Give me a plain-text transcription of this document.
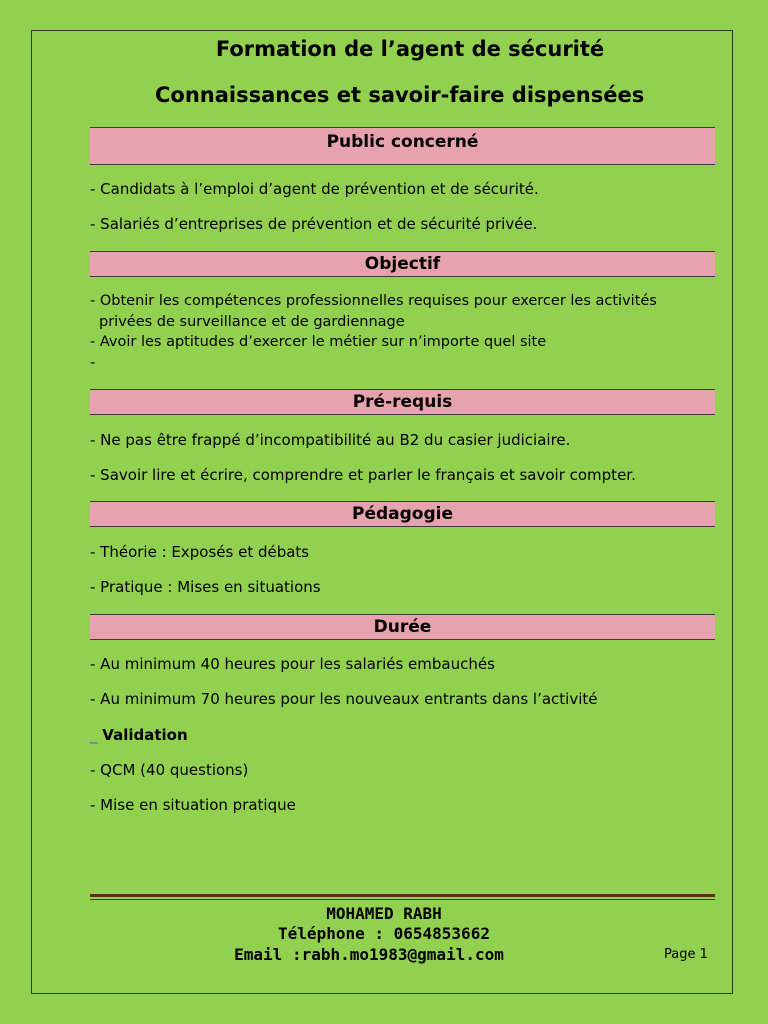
Formation de l’agent de sécurité
Connaissances et savoir-faire dispensées
Public concerné
- Candidats à l’emploi d’agent de prévention et de sécurité.
- Salariés d’entreprises de prévention et de sécurité privée.
Objectif
- Obtenir les compétences professionnelles requises pour exercer les activités
privées de surveillance et de gardiennage
- Avoir les aptitudes d’exercer le métier sur n’importe quel site
-
Pré-requis
- Ne pas être frappé d’incompatibilité au B2 du casier judiciaire.
- Savoir lire et écrire, comprendre et parler le français et savoir compter.
Pédagogie
- Théorie : Exposés et débats
- Pratique : Mises en situations
Durée
- Au minimum 40 heures pour les salariés embauchés
- Au minimum 70 heures pour les nouveaux entrants dans l’activité
_ Validation
- QCM (40 questions)
- Mise en situation pratique
MOHAMED RABH
Téléphone : 0654853662
Email :rabh.mo1983@gmail.com	Page 1
